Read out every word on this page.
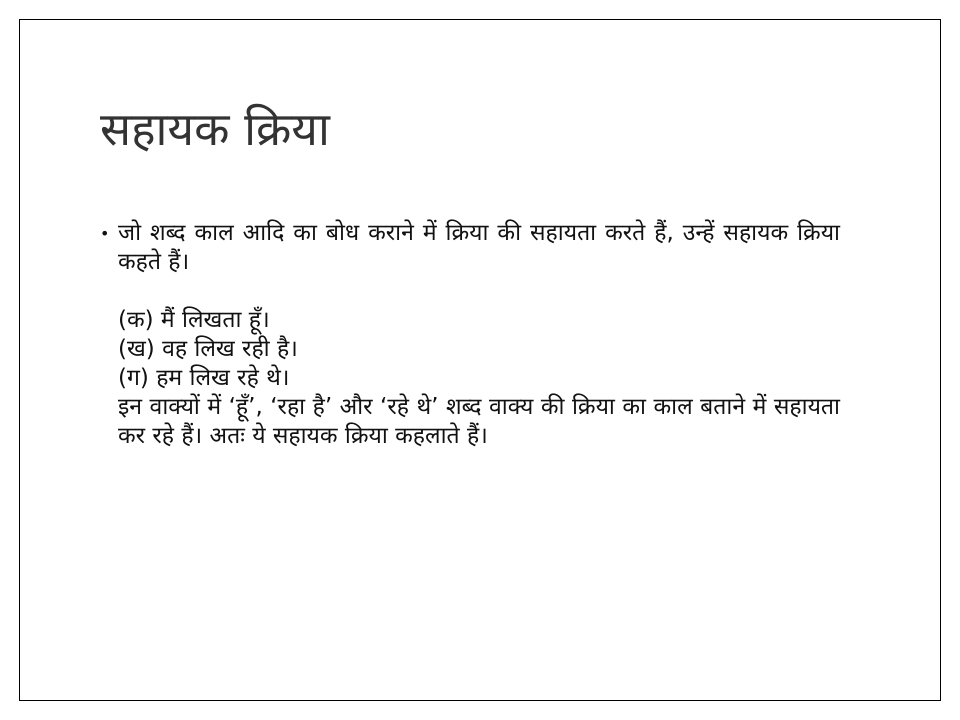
सहायक क्रिया
• जो शब्द काल आदि का बोध कराने में क्रिया की सहायता करते हैं, उन्हें सहायक क्रिया कहते हैं।

(क) मैं लिखता हूँ।

(ख) वह लिख रही है।

(ग) हम लिख रहे थे।

इन वाक्यों में ‘हूँ’, ‘रहा है’ और ‘रहे थे’ शब्द वाक्य की क्रिया का काल बताने में सहायता कर रहे हैं। अतः ये सहायक क्रिया कहलाते हैं।
